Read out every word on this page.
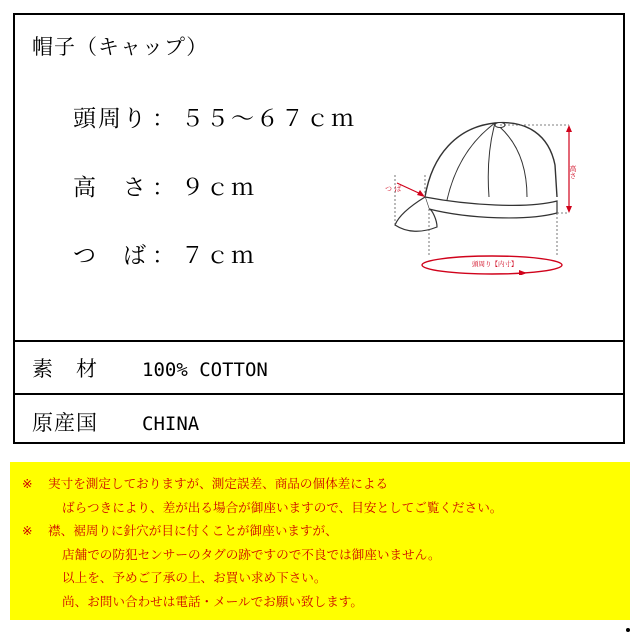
帽子（キャップ）
頭周り ： ５５～６７ｃｍ
高　さ ： ９ｃｍ
つ　ば ： ７ｃｍ
高さ
つ ば
頭周り【内寸】
素　材 100% COTTON
原産国 CHINA
※ 実寸を測定しておりますが、測定誤差、商品の個体差による
ばらつきにより、差が出る場合が御座いますので、目安としてご覧ください。
※ 襟、裾周りに針穴が目に付くことが御座いますが、
店舗での防犯センサーのタグの跡ですので不良では御座いません。
以上を、予めご了承の上、お買い求め下さい。
尚、お問い合わせは電話・メールでお願い致します。
